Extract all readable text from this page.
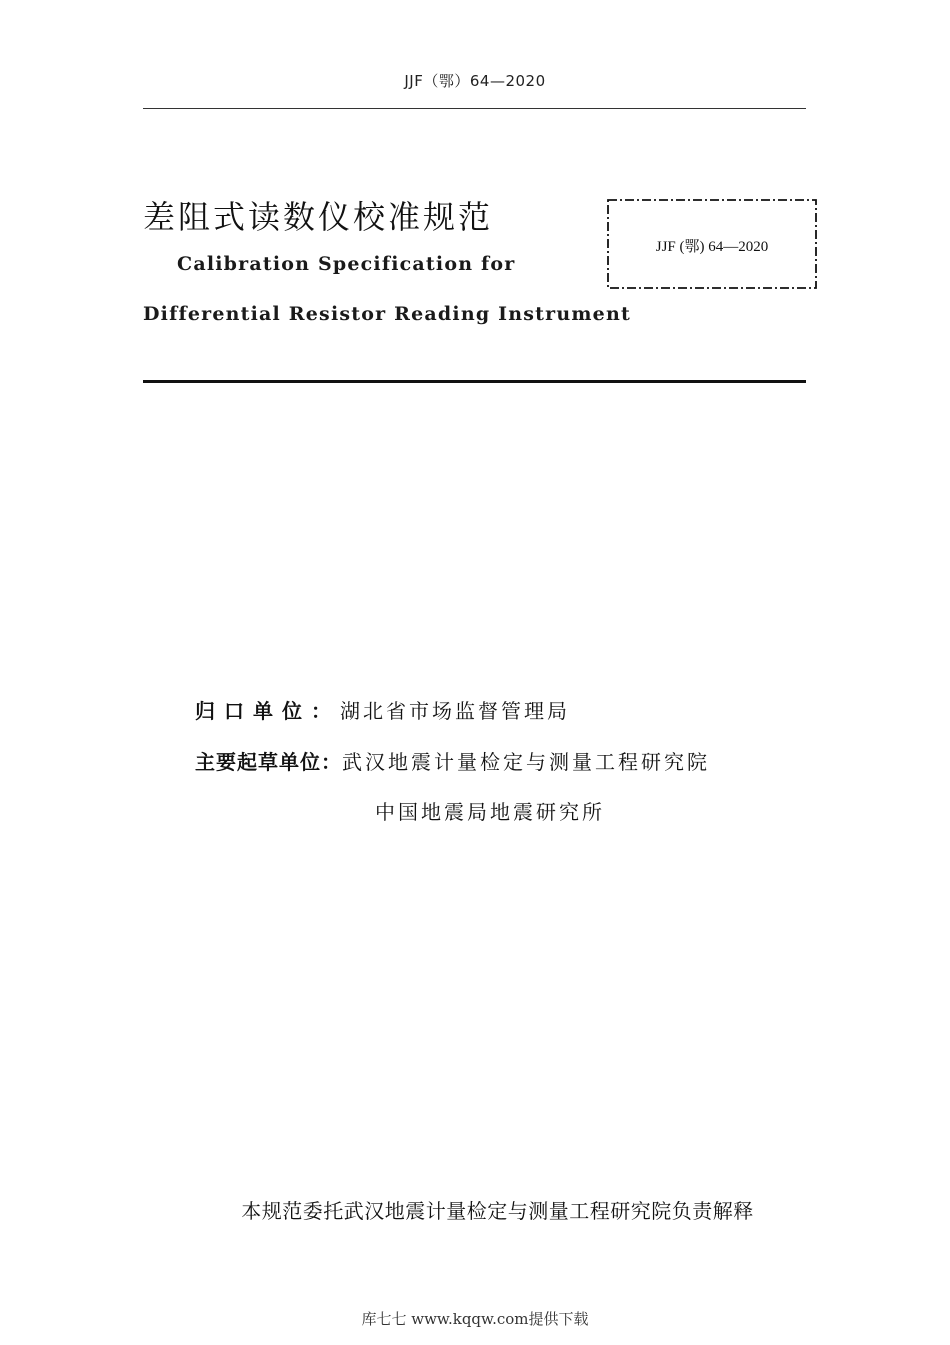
JJF（鄂）64—2020
差阻式读数仪校准规范
Calibration Specification for
Differential Resistor Reading Instrument
JJF (鄂) 64—2020
归口单位：湖北省市场监督管理局
主要起草单位：武汉地震计量检定与测量工程研究院
中国地震局地震研究所
本规范委托武汉地震计量检定与测量工程研究院负责解释
库七七 www.kqqw.com提供下载
